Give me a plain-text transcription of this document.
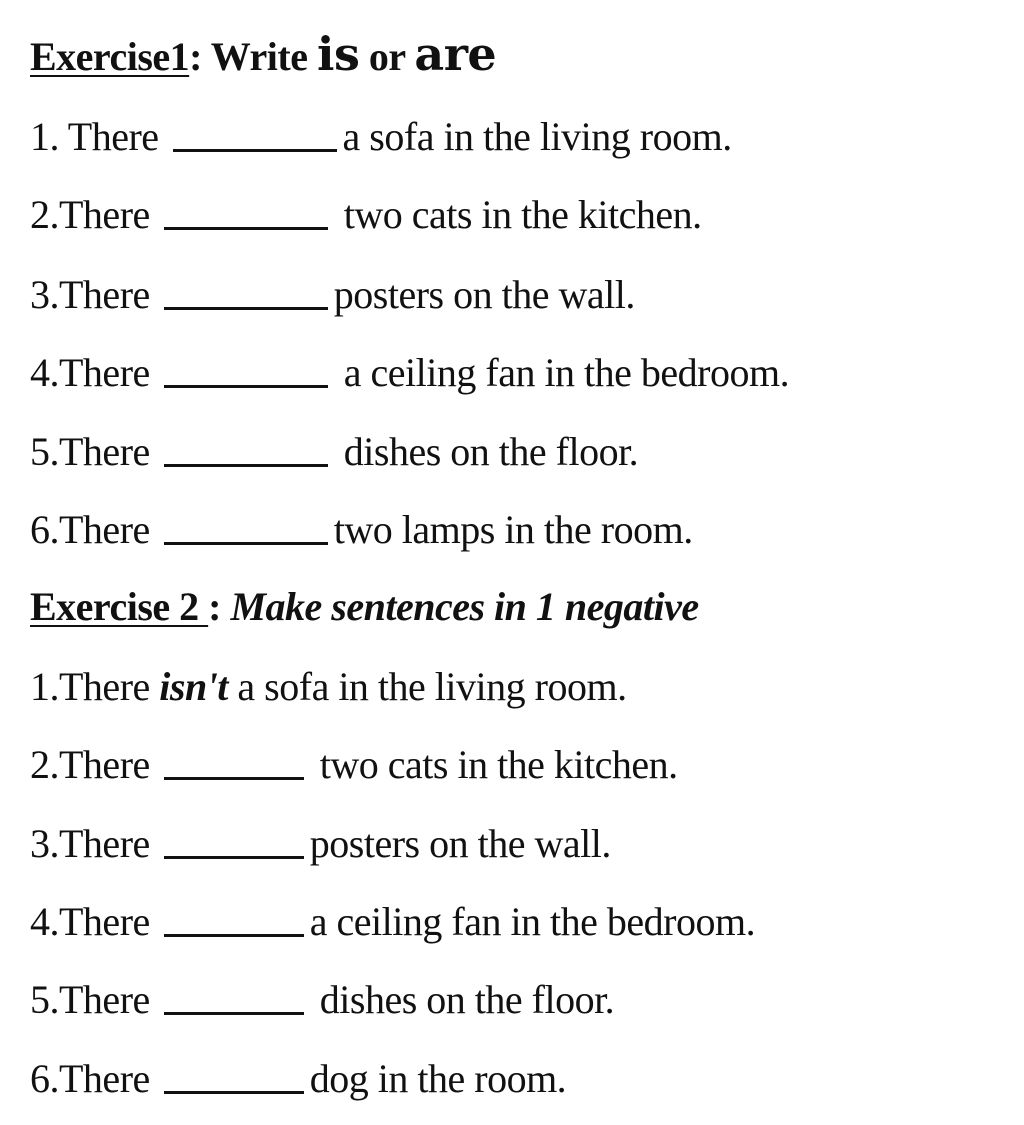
Exercise1: Write is or are
1. There	a sofa in the living room.
2.There	two cats in the kitchen.
3.There	posters on the wall.
4.There	a ceiling fan in the bedroom.
5.There	dishes on the floor.
6.There	two lamps in the room.
Exercise 2 : Make sentences in 1 negative
1.There isn't a sofa in the living room.
2.There	two cats in the kitchen.
3.There	posters on the wall.
4.There	a ceiling fan in the bedroom.
5.There	dishes on the floor.
6.There	dog in the room.
